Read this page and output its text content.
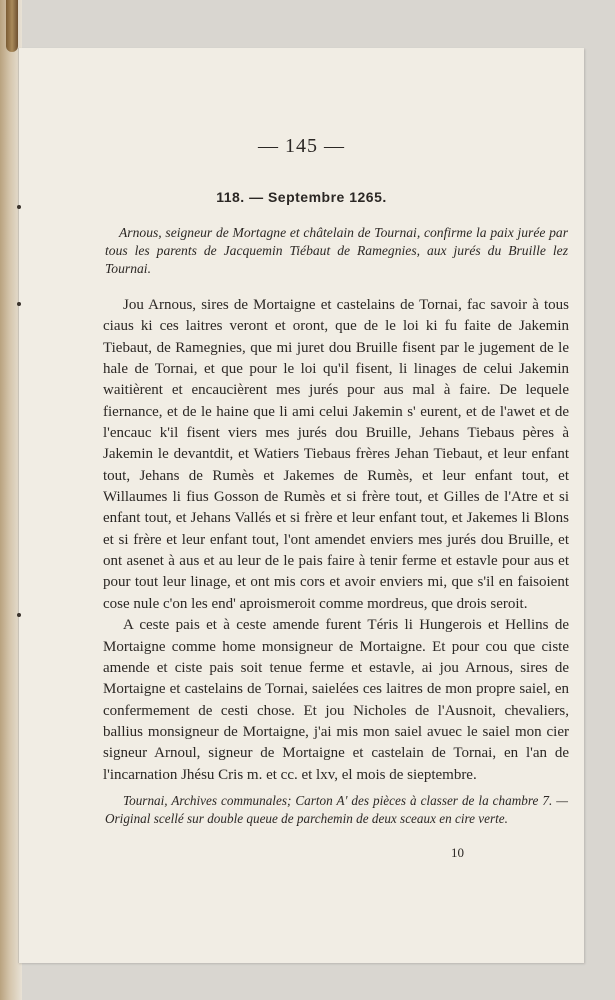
— 145 —
118. — Septembre 1265.
Arnous, seigneur de Mortagne et châtelain de Tournai, confirme la paix jurée par tous les parents de Jacquemin Tiébaut de Ramegnies, aux jurés du Bruille lez Tournai.

Jou Arnous, sires de Mortaigne et castelains de Tornai, fac savoir à tous ciaus ki ces laitres veront et oront, que de le loi ki fu faite de Jakemin Tiebaut, de Ramegnies, que mi juret dou Bruille fisent par le jugement de le hale de Tornai, et que pour le loi qu'il fisent, li linages de celui Jakemin waitièrent et encaucièrent mes jurés pour aus mal à faire. De lequele fiernance, et de le haine que li ami celui Jakemin s' eurent, et de l'awet et de l'encauc k'il fisent viers mes jurés dou Bruille, Jehans Tiebaus pères à Jakemin le devantdit, et Watiers Tiebaus frères Jehan Tiebaut, et leur enfant tout, Jehans de Rumès et Jakemes de Rumès, et leur enfant tout, et Willaumes li fius Gosson de Rumès et si frère tout, et Gilles de l'Atre et si enfant tout, et Jehans Vallés et si frère et leur enfant tout, et Jakemes li Blons et si frère et leur enfant tout, l'ont amendet enviers mes jurés dou Bruille, et ont asenet à aus et au leur de le pais faire à tenir ferme et estavle pour aus et pour tout leur linage, et ont mis cors et avoir enviers mi, que s'il en faisoient cose nule c'on les end' aproismeroit comme mordreus, que drois seroit.

A ceste pais et à ceste amende furent Téris li Hungerois et Hellins de Mortaigne comme home monsigneur de Mortaigne. Et pour cou que ciste amende et ciste pais soit tenue ferme et estavle, ai jou Arnous, sires de Mortaigne et castelains de Tornai, saielées ces laitres de mon propre saiel, en confermement de cesti chose. Et jou Nicholes de l'Ausnoit, chevaliers, ballius monsigneur de Mortaigne, j'ai mis mon saiel avuec le saiel mon cier signeur Arnoul, signeur de Mortaigne et castelain de Tornai, en l'an de l'incarnation Jhésu Cris m. et cc. et lxv, el mois de sieptembre.

Tournai, Archives communales; Carton A' des pièces à classer de la chambre 7. — Original scellé sur double queue de parchemin de deux sceaux en cire verte.
10
